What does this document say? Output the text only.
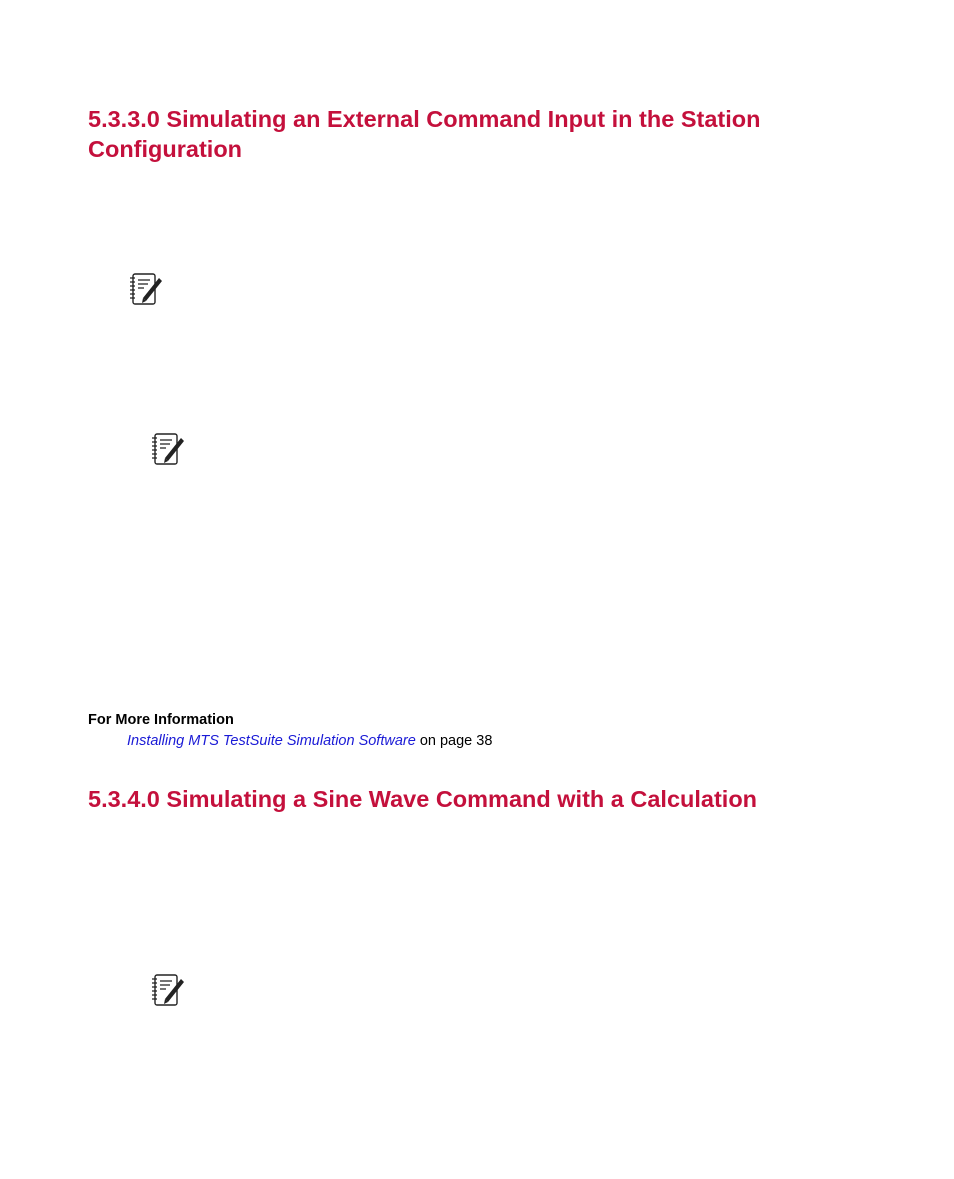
5.3.3.0 Simulating an External Command Input in the Station Configuration

For More Information

Installing MTS TestSuite Simulation Software on page 38

5.3.4.0 Simulating a Sine Wave Command with a Calculation
